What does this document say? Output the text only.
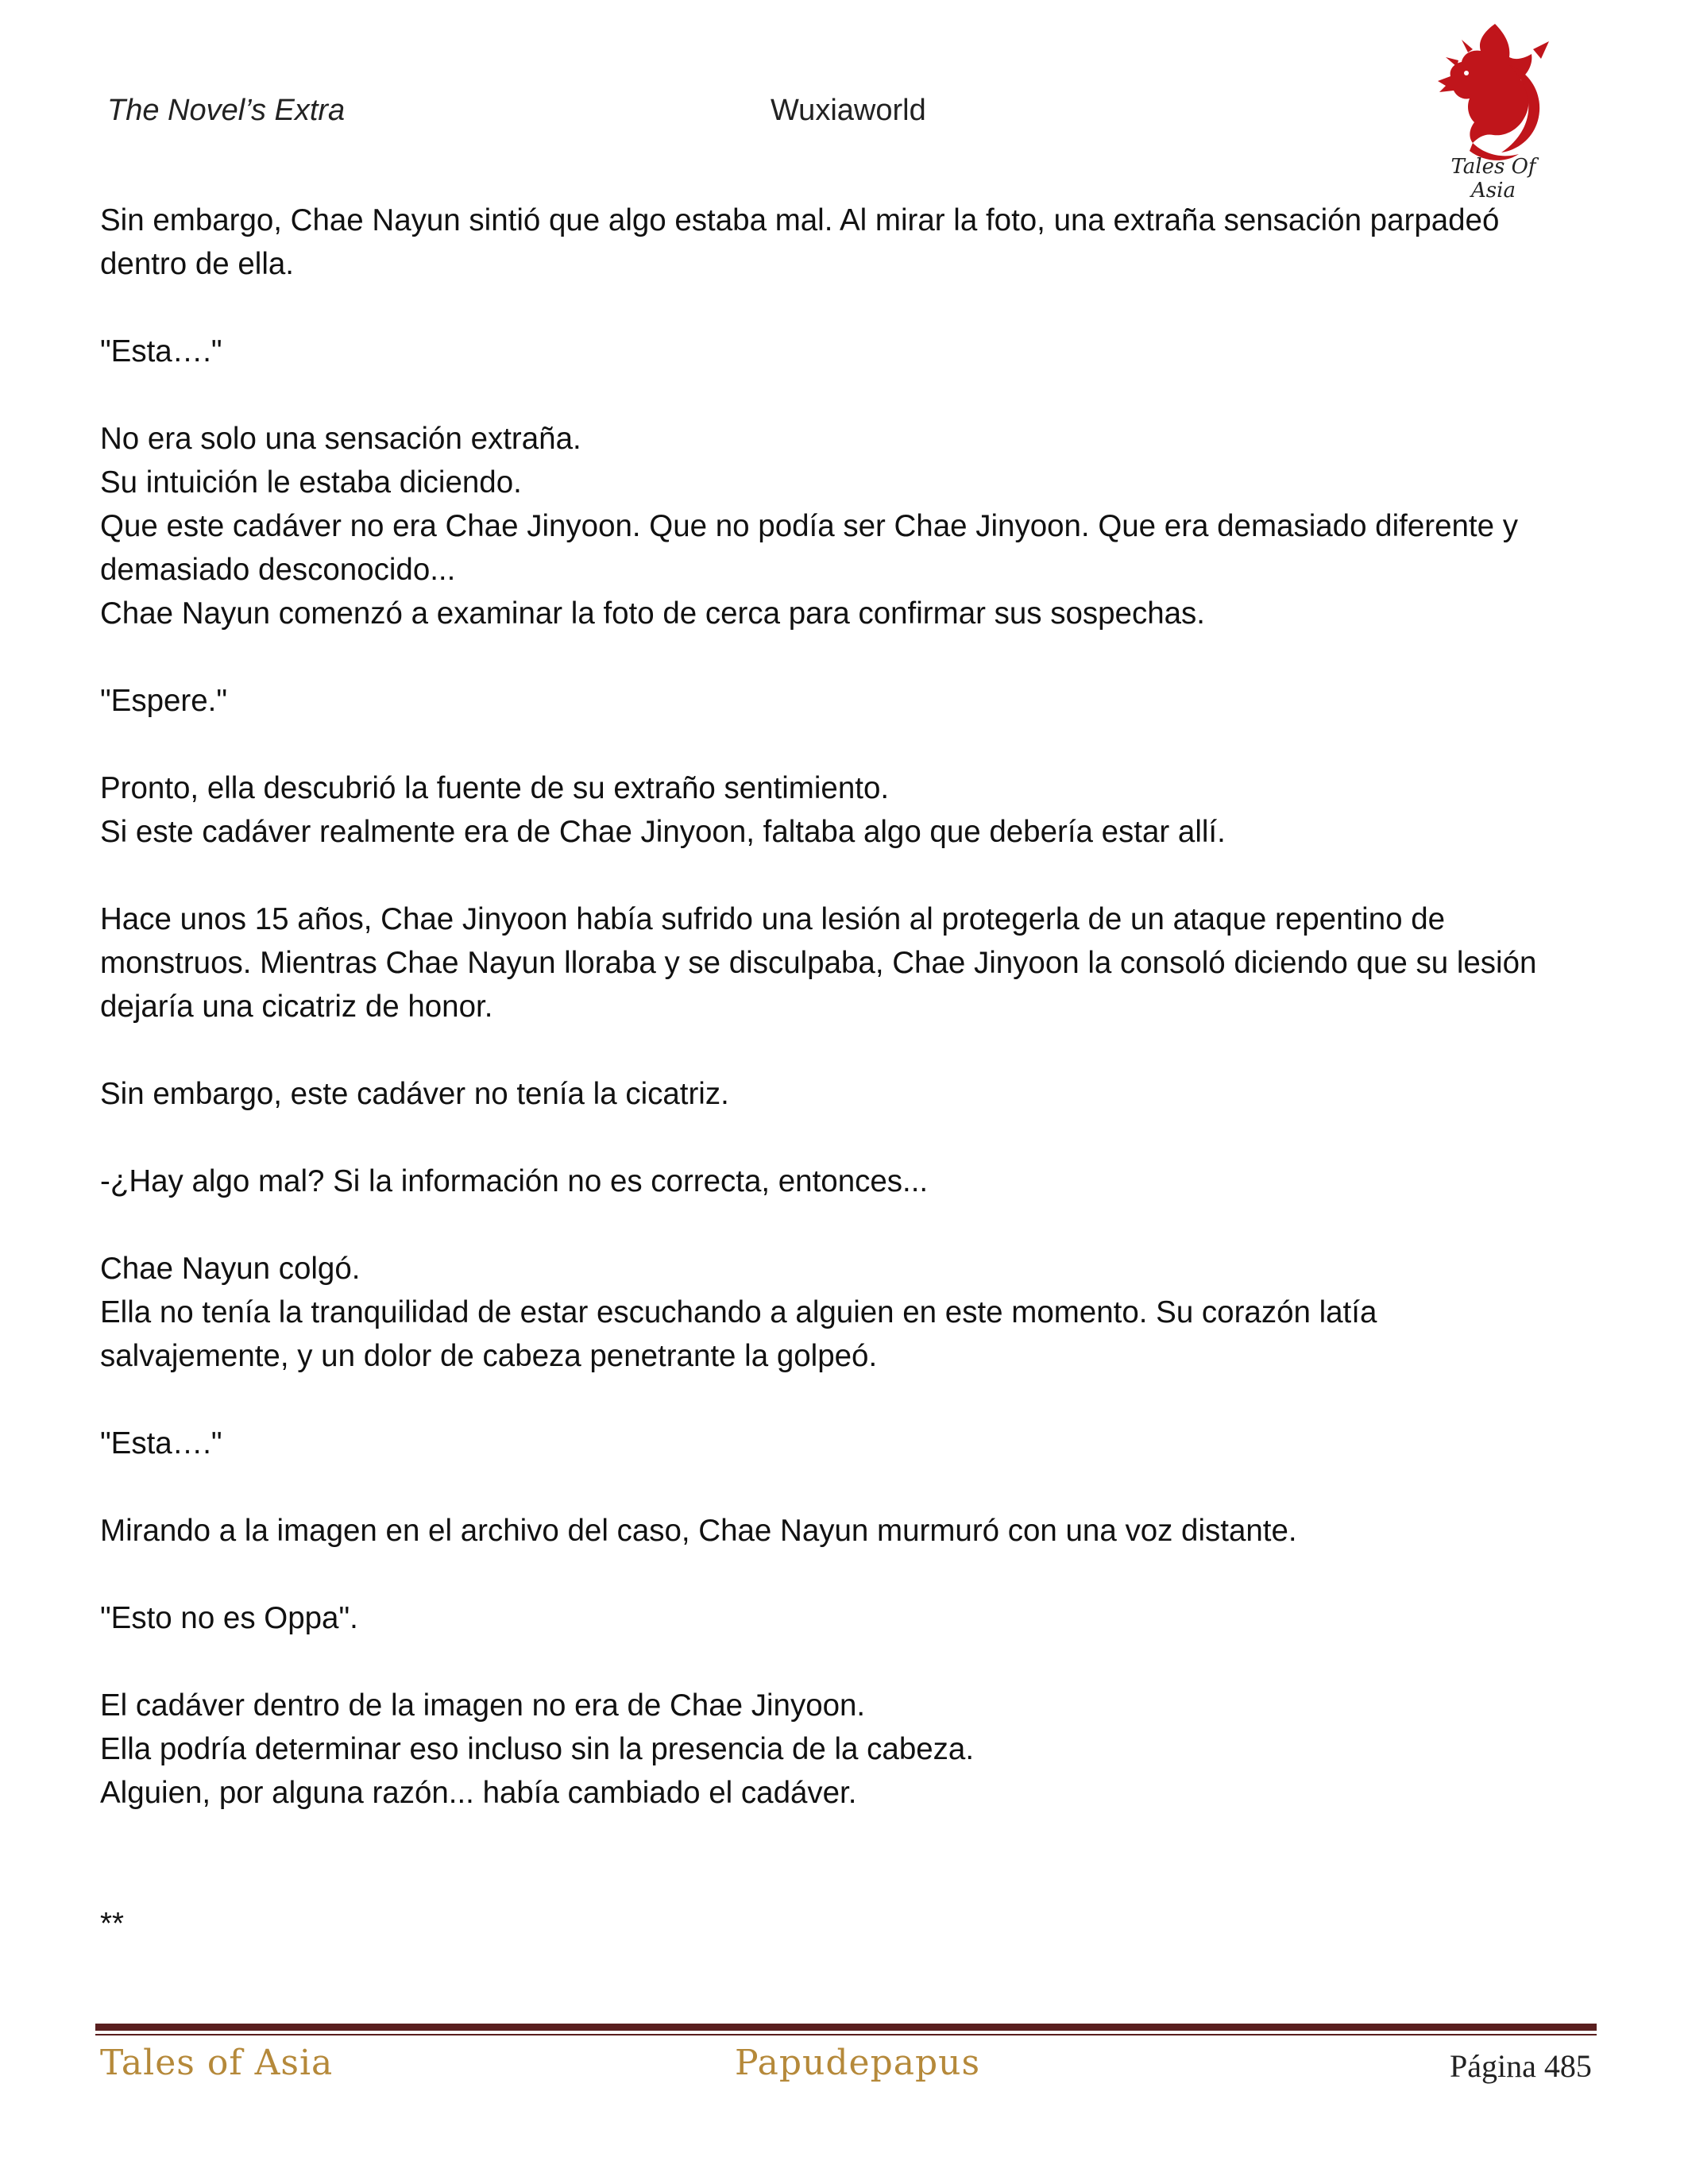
The Novel’s Extra	Wuxiaworld
Tales Of Asia

Sin embargo, Chae Nayun sintió que algo estaba mal. Al mirar la foto, una extraña sensación parpadeó dentro de ella.

"Esta…."

No era solo una sensación extraña.

Su intuición le estaba diciendo.

Que este cadáver no era Chae Jinyoon. Que no podía ser Chae Jinyoon. Que era demasiado diferente y demasiado desconocido...

Chae Nayun comenzó a examinar la foto de cerca para confirmar sus sospechas.

"Espere."

Pronto, ella descubrió la fuente de su extraño sentimiento.

Si este cadáver realmente era de Chae Jinyoon, faltaba algo que debería estar allí.

Hace unos 15 años, Chae Jinyoon había sufrido una lesión al protegerla de un ataque repentino de monstruos. Mientras Chae Nayun lloraba y se disculpaba, Chae Jinyoon la consoló diciendo que su lesión dejaría una cicatriz de honor.

Sin embargo, este cadáver no tenía la cicatriz.

-¿Hay algo mal? Si la información no es correcta, entonces...

Chae Nayun colgó.

Ella no tenía la tranquilidad de estar escuchando a alguien en este momento. Su corazón latía salvajemente, y un dolor de cabeza penetrante la golpeó.

"Esta…."

Mirando a la imagen en el archivo del caso, Chae Nayun murmuró con una voz distante.

"Esto no es Oppa".

El cadáver dentro de la imagen no era de Chae Jinyoon.

Ella podría determinar eso incluso sin la presencia de la cabeza.

Alguien, por alguna razón... había cambiado el cadáver.

**

Tales of Asia	Papudepapus	Página 485
